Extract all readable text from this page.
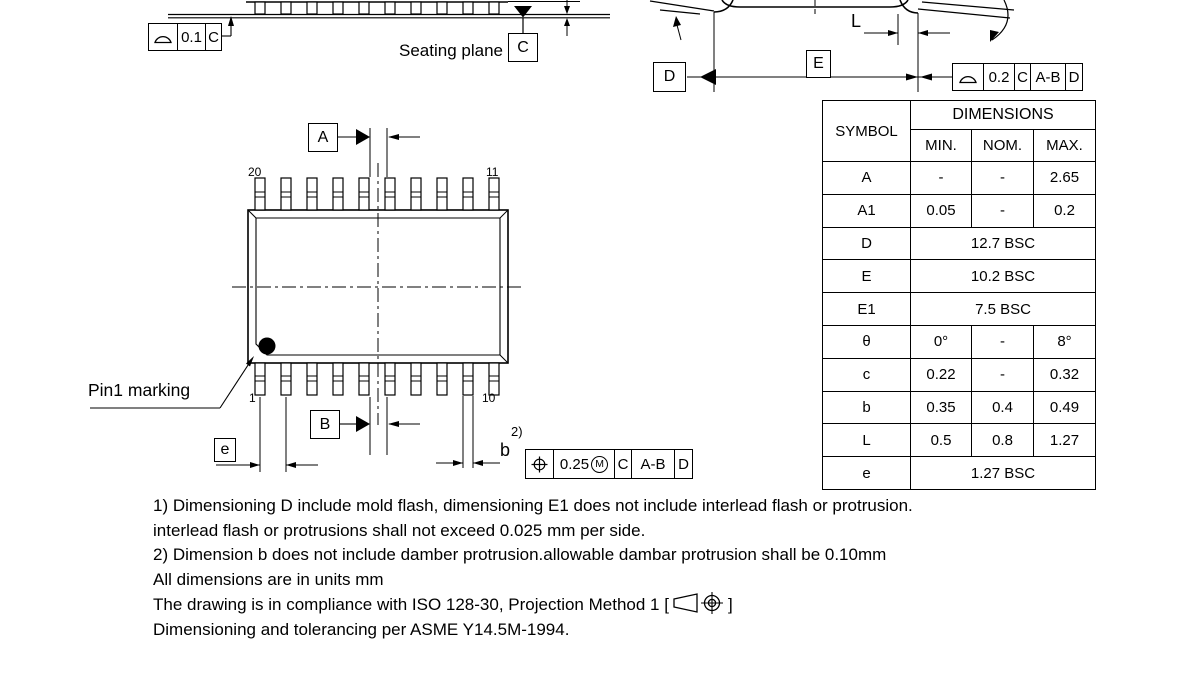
0.1 C
Seating plane C
D
E
L
0.2 C A-B D
20	11
1	10
A
B
Pin1 marking
e
2)
b
0.25 M C A-B D
SYMBOL	DIMENSIONS		
	MIN.	NOM.	MAX.
A	-	-	2.65
A1	0.05	-	0.2
D	12.7 BSC		
E	10.2 BSC		
E1	7.5 BSC		
θ	0°	-	8°
c	0.22	-	0.32
b	0.35	0.4	0.49
L	0.5	0.8	1.27
e	1.27 BSC		
1) Dimensioning D include mold flash, dimensioning E1 does not include interlead flash or protrusion.
interlead flash or protrusions shall not exceed 0.025 mm per side.
2) Dimension b does not include damber protrusion.allowable dambar protrusion shall be 0.10mm
All dimensions are in units mm
The drawing is in compliance with ISO 128-30, Projection Method 1 [	]
Dimensioning and tolerancing per ASME Y14.5M-1994.
